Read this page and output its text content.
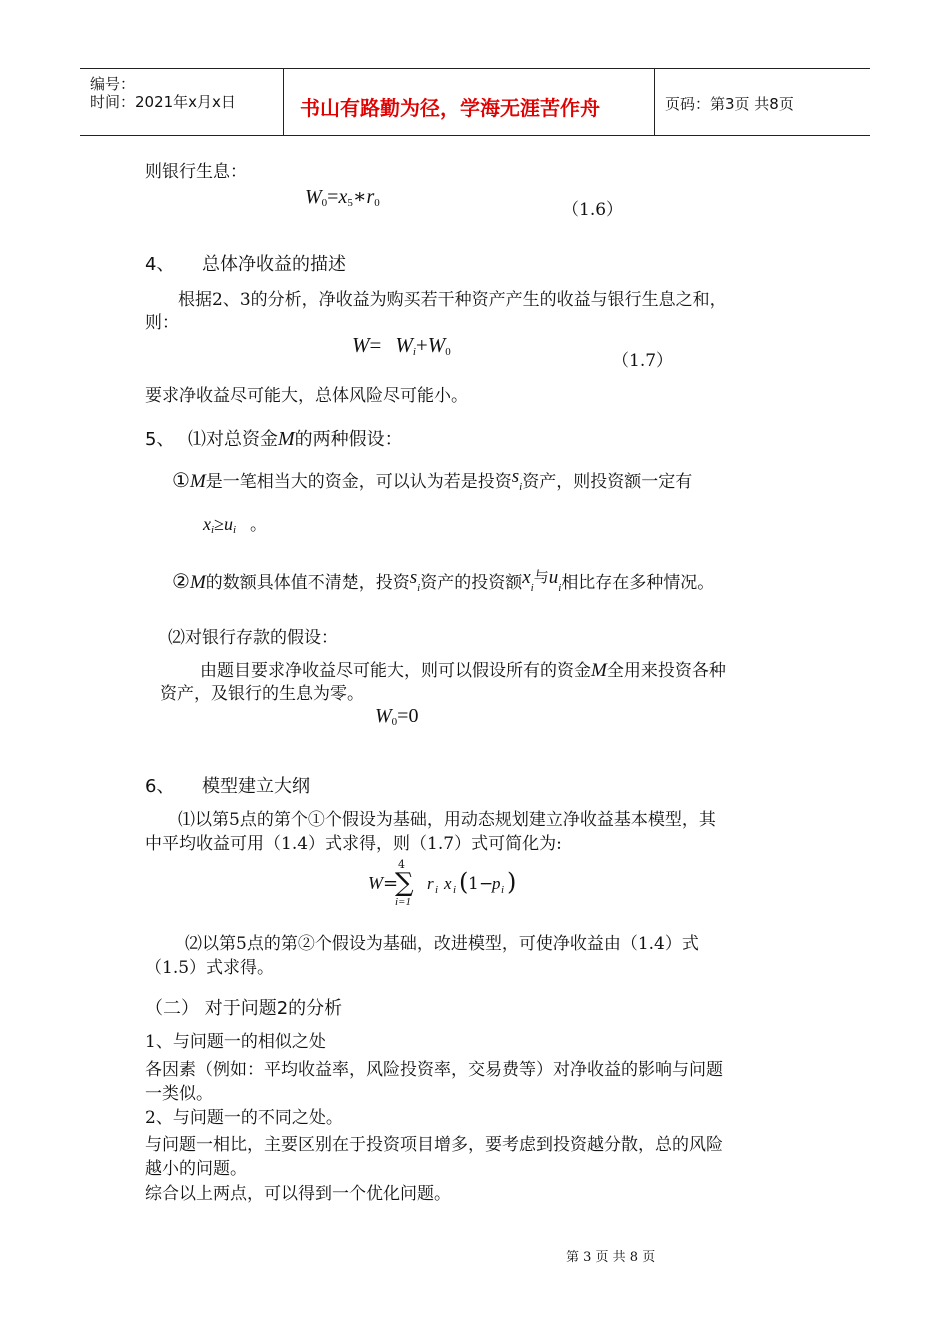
编号：
时间：2021年x月x日	书山有路勤为径，学海无涯苦作舟	页码：第3页 共8页
则银行生息：
$W_0=x_5∗r_0$	（1.6）
4、 总体净收益的描述
根据2、3的分析，净收益为购买若干种资产产生的收益与银行生息之和，
则：
$W= W_i+W_0$	（1.7）
要求净收益尽可能大，总体风险尽可能小。
5、 ⑴对总资金M的两种假设：
①M是一笔相当大的资金，可以认为若是投资$s_i$资产，则投资额一定有
$x_i\ge u_i$ 。
②M的数额具体值不清楚，投资$s_i$资产的投资额$x_i$与$u_i$相比存在多种情况。
⑵对银行存款的假设：
由题目要求净收益尽可能大，则可以假设所有的资金M全用来投资各种
资产，及银行的生息为零。
$W_0=0$
6、 模型建立大纲
⑴以第5点的第个①个假设为基础，用动态规划建立净收益基本模型，其
中平均收益可用（1.4）式求得，则（1.7）式可简化为:
W =
4
∑
i=1
r i x i ( 1 −
p i )
⑵以第5点的第②个假设为基础，改进模型，可使净收益由（1.4）式
（1.5）式求得。
（二） 对于问题2的分析
1、与问题一的相似之处
各因素（例如：平均收益率，风险投资率，交易费等）对净收益的影响与问题
一类似。
2、与问题一的不同之处。
与问题一相比，主要区别在于投资项目增多，要考虑到投资越分散，总的风险
越小的问题。
综合以上两点，可以得到一个优化问题。
第 3 页 共 8 页
